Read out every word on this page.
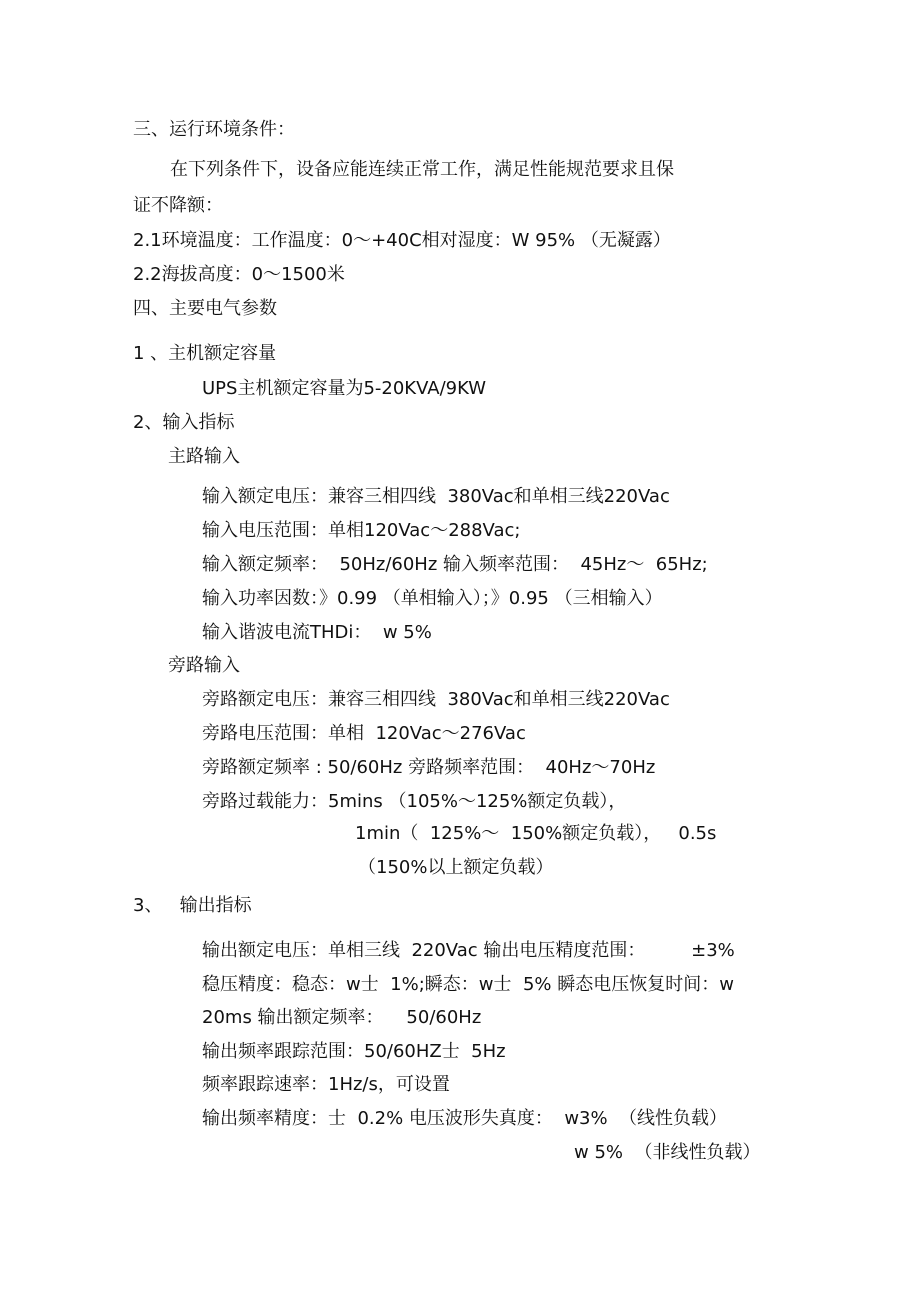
三、运行环境条件：
在下列条件下，设备应能连续正常工作，满足性能规范要求且保
证不降额：
2.1环境温度：工作温度：0～+40C相对湿度：W 95% （无凝露）
2.2海拔高度：0～1500米
四、主要电气参数
1 、主机额定容量
UPS主机额定容量为5-20KVA/9KW
2、输入指标
主路输入
输入额定电压：兼容三相四线  380Vac和单相三线220Vac
输入电压范围：单相120Vac～288Vac;
输入额定频率：  50Hz/60Hz 输入频率范围：  45Hz～  65Hz;
输入功率因数：》0.99 （单相输入）；》0.95 （三相输入）
输入谐波电流THDi：  w 5%
旁路输入
旁路额定电压：兼容三相四线  380Vac和单相三线220Vac
旁路电压范围：单相  120Vac～276Vac
旁路额定频率 : 50/60Hz 旁路频率范围：  40Hz～70Hz
旁路过载能力：5mins （105%～125%额定负载），
1min（  125%～  150%额定负载），   0.5s
（150%以上额定负载）
3、   输出指标
输出额定电压：单相三线  220Vac 输出电压精度范围：        ±3%
稳压精度：稳态：w士  1%;瞬态：w士  5% 瞬态电压恢复时间：w
20ms 输出额定频率：    50/60Hz
输出频率跟踪范围：50/60HZ士  5Hz
频率跟踪速率：1Hz/s，可设置
输出频率精度：士  0.2% 电压波形失真度：  w3%  （线性负载）
w 5%  （非线性负载）
